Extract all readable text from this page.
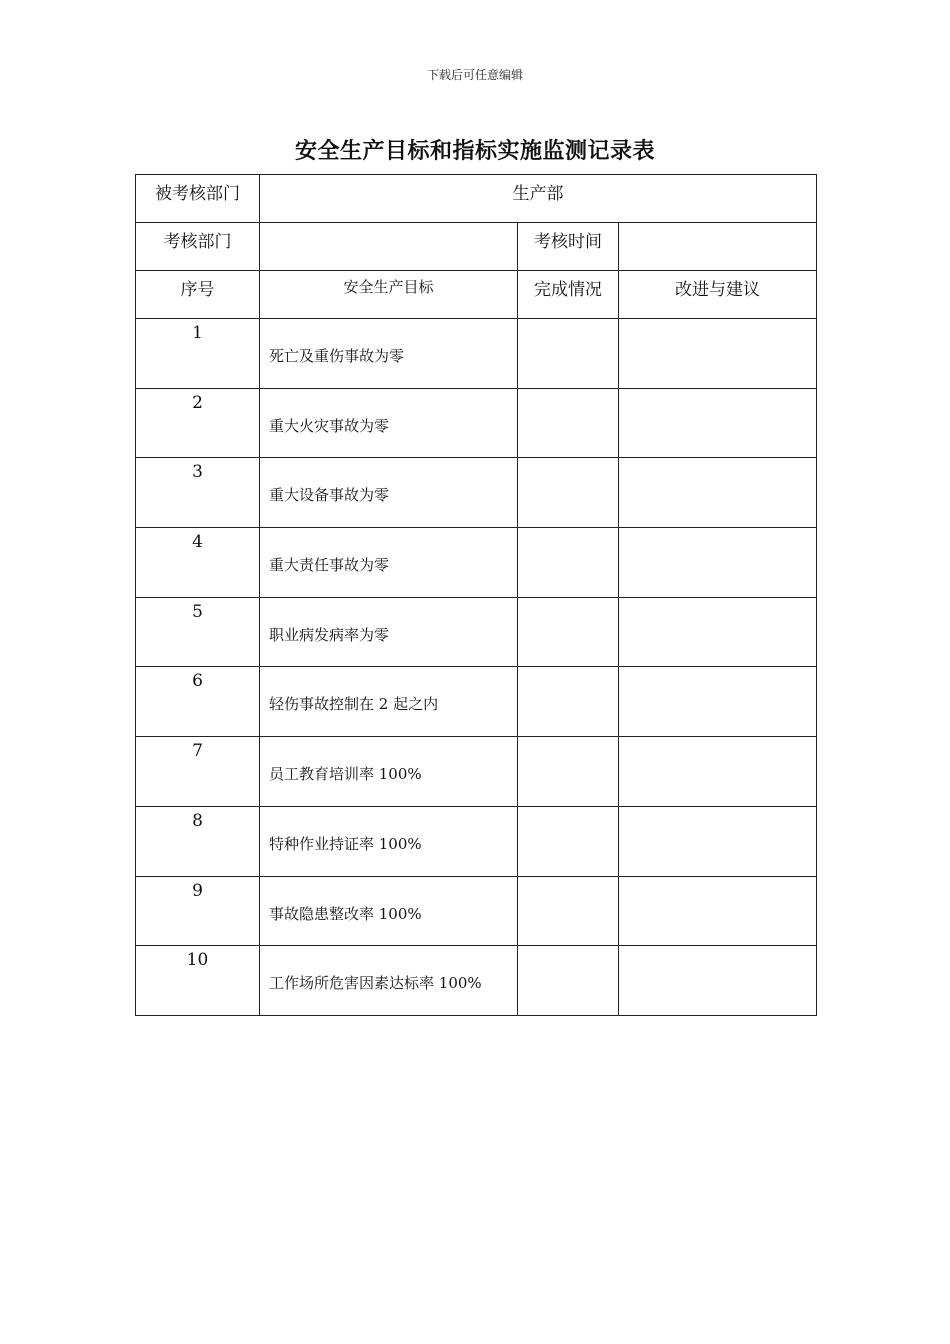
下载后可任意编辑
安全生产目标和指标实施监测记录表
被考核部门	生产部		

考核部门		考核时间	

序号	安全生产目标	完成情况	改进与建议

1	死亡及重伤事故为零		

2	重大火灾事故为零		

3	重大设备事故为零		

4	重大责任事故为零		

5	职业病发病率为零		

6	轻伤事故控制在 2 起之内		

7	员工教育培训率 100%		

8	特种作业持证率 100%		

9	事故隐患整改率 100%		

10	工作场所危害因素达标率 100%		
